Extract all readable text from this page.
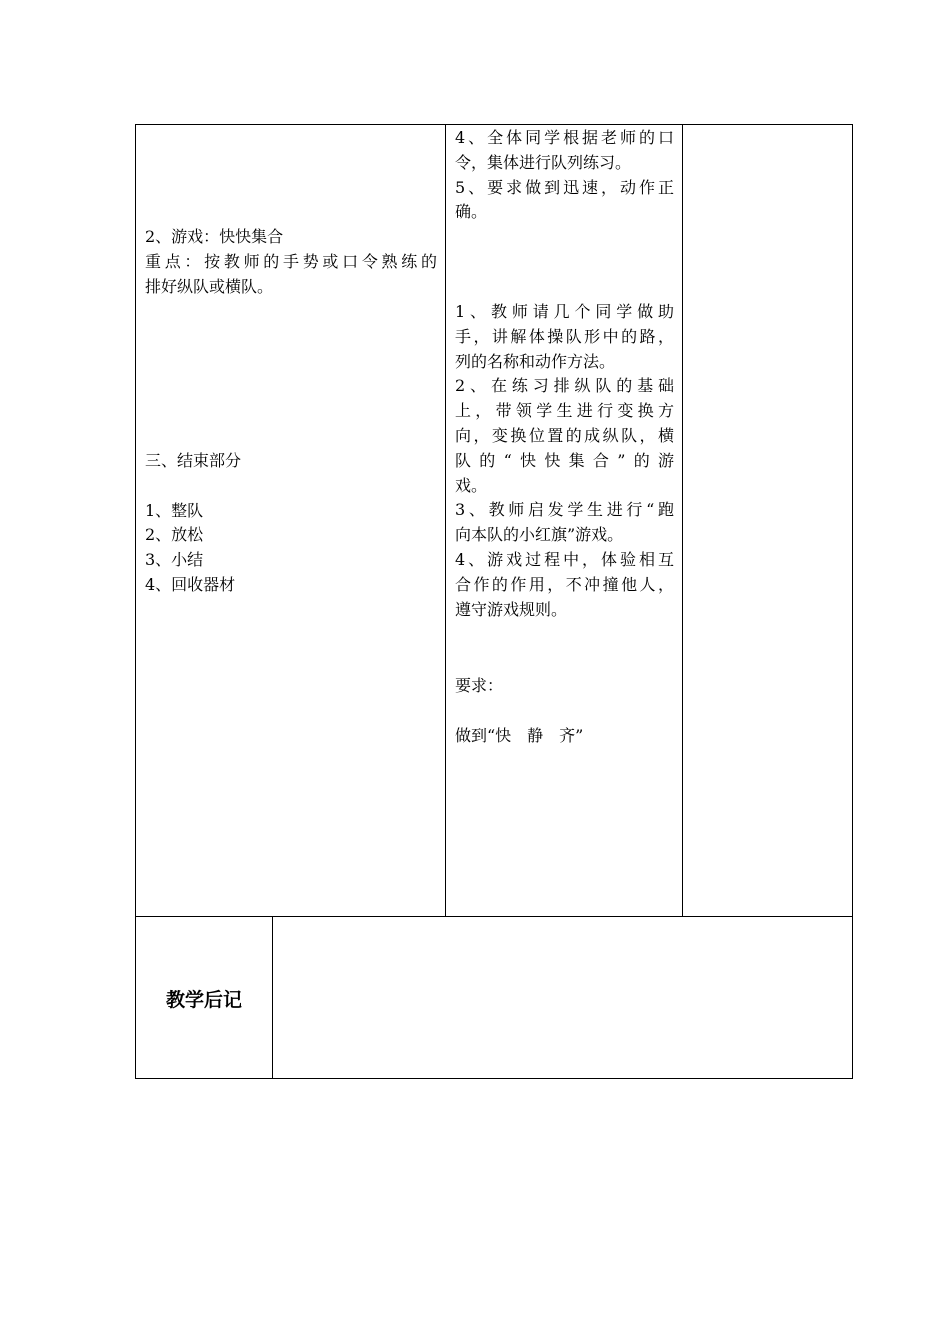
2、游戏：快快集合
重点：按教师的手势或口令熟练的
排好纵队或横队。
三、结束部分
1、整队
2、放松
3、小结
4、回收器材
4、全体同学根据老师的口
令，集体进行队列练习。
5、要求做到迅速，动作正
确。
1、教师请几个同学做助
手，讲解体操队形中的路，
列的名称和动作方法。
2、在练习排纵队的基础
上，带领学生进行变换方
向，变换位置的成纵队，横
队的“快快集合”的游
戏。
3、教师启发学生进行“跑
向本队的小红旗”游戏。
4、游戏过程中，体验相互
合作的作用，不冲撞他人，
遵守游戏规则。
要求：
做到“快　静　齐”
教学后记
